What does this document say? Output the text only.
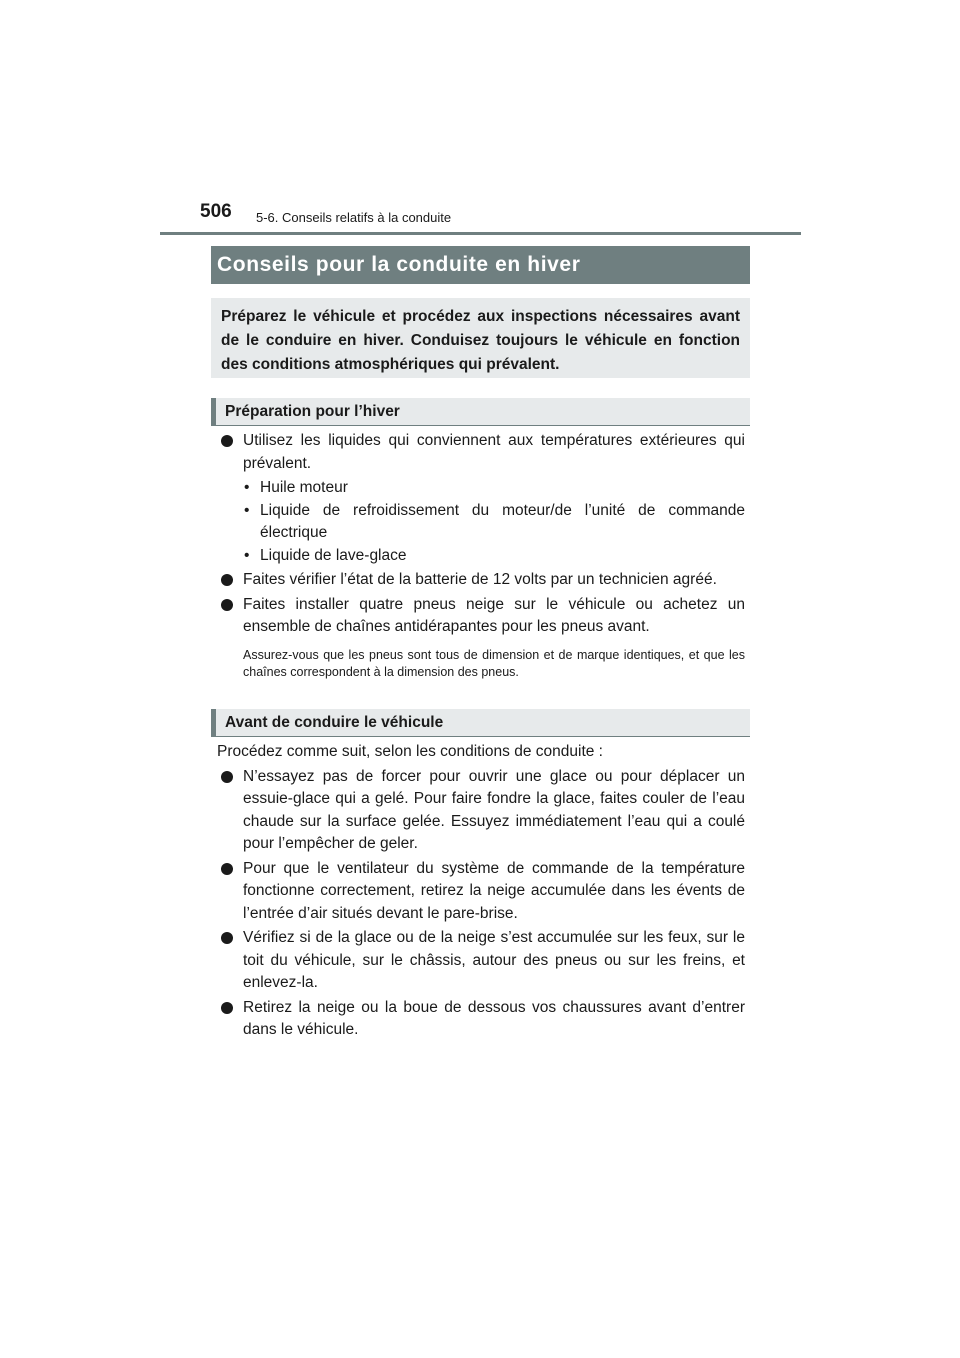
506 5-6. Conseils relatifs à la conduite
Conseils pour la conduite en hiver
Préparez le véhicule et procédez aux inspections nécessaires avant de le conduire en hiver. Conduisez toujours le véhicule en fonction des conditions atmosphériques qui prévalent.
Préparation pour l’hiver
Utilisez les liquides qui conviennent aux températures extérieures qui prévalent.
• Huile moteur
• Liquide de refroidissement du moteur/de l’unité de commande électrique
• Liquide de lave-glace
Faites vérifier l’état de la batterie de 12 volts par un technicien agréé.
Faites installer quatre pneus neige sur le véhicule ou achetez un ensemble de chaînes antidérapantes pour les pneus avant.
Assurez-vous que les pneus sont tous de dimension et de marque identiques, et que les chaînes correspondent à la dimension des pneus.
Avant de conduire le véhicule
Procédez comme suit, selon les conditions de conduite :
N’essayez pas de forcer pour ouvrir une glace ou pour déplacer un essuie-glace qui a gelé. Pour faire fondre la glace, faites couler de l’eau chaude sur la surface gelée. Essuyez immédiatement l’eau qui a coulé pour l’empêcher de geler.
Pour que le ventilateur du système de commande de la température fonctionne correctement, retirez la neige accumulée dans les évents de l’entrée d’air situés devant le pare-brise.
Vérifiez si de la glace ou de la neige s’est accumulée sur les feux, sur le toit du véhicule, sur le châssis, autour des pneus ou sur les freins, et enlevez-la.
Retirez la neige ou la boue de dessous vos chaussures avant d’entrer dans le véhicule.
